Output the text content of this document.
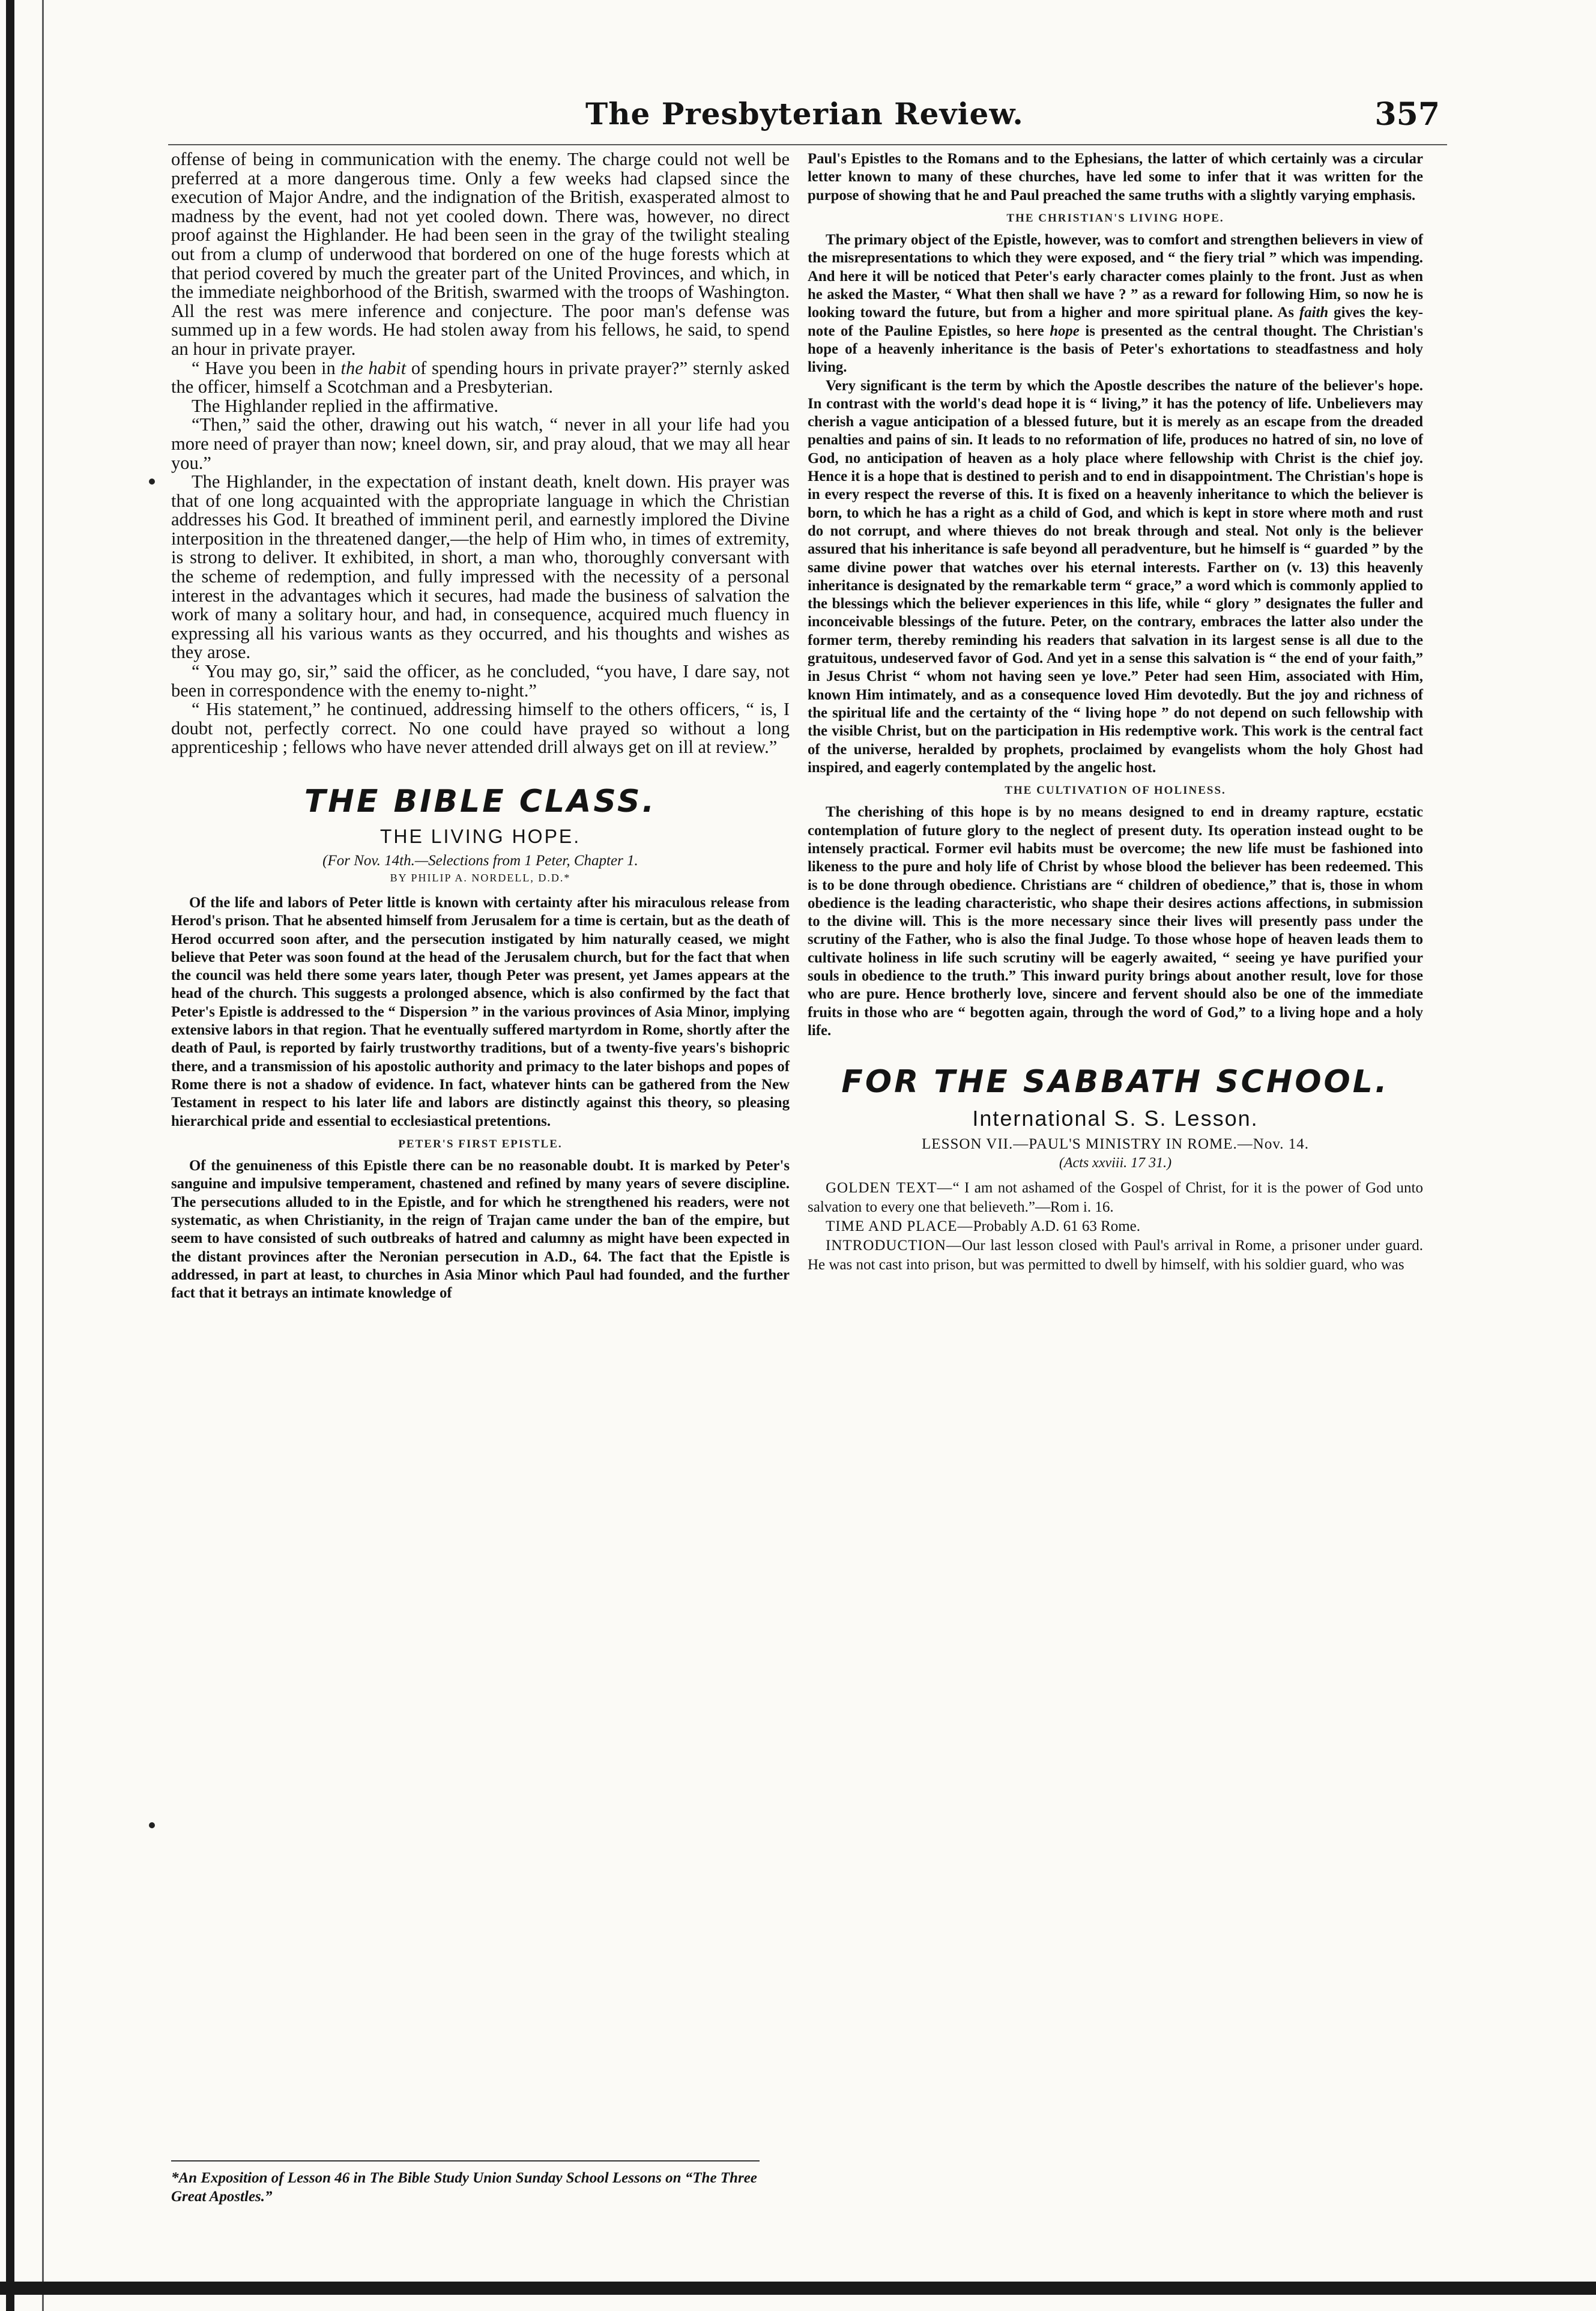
The Presbyterian Review.	357

offense of being in communication with the enemy. The charge could not well be preferred at a more dangerous time. Only a few weeks had clapsed since the execution of Major Andre, and the indignation of the British, exasperated almost to madness by the event, had not yet cooled down. There was, however, no direct proof against the Highlander. He had been seen in the gray of the twilight stealing out from a clump of underwood that bordered on one of the huge forests which at that period covered by much the greater part of the United Provinces, and which, in the immediate neighborhood of the British, swarmed with the troops of Washington. All the rest was mere inference and conjecture. The poor man's defense was summed up in a few words. He had stolen away from his fellows, he said, to spend an hour in private prayer.

“ Have you been in the habit of spending hours in private prayer?” sternly asked the officer, himself a Scotchman and a Presbyterian.

The Highlander replied in the affirmative.

“Then,” said the other, drawing out his watch, “ never in all your life had you more need of prayer than now; kneel down, sir, and pray aloud, that we may all hear you.”

The Highlander, in the expectation of instant death, knelt down. His prayer was that of one long acquainted with the appropriate language in which the Christian addresses his God. It breathed of imminent peril, and earnestly implored the Divine interposition in the threatened danger,—the help of Him who, in times of extremity, is strong to deliver. It exhibited, in short, a man who, thoroughly conversant with the scheme of redemption, and fully impressed with the necessity of a personal interest in the advantages which it secures, had made the business of salvation the work of many a solitary hour, and had, in consequence, acquired much fluency in expressing all his various wants as they occurred, and his thoughts and wishes as they arose.

“ You may go, sir,” said the officer, as he concluded, “you have, I dare say, not been in correspondence with the enemy to-night.”

“ His statement,” he continued, addressing himself to the others officers, “ is, I doubt not, perfectly correct. No one could have prayed so without a long apprenticeship ; fellows who have never attended drill always get on ill at review.”

THE BIBLE CLASS.
THE LIVING HOPE.
(For Nov. 14th.—Selections from 1 Peter, Chapter 1.
BY PHILIP A. NORDELL, D.D.*

Of the life and labors of Peter little is known with certainty after his miraculous release from Herod's prison. That he absented himself from Jerusalem for a time is certain, but as the death of Herod occurred soon after, and the persecution instigated by him naturally ceased, we might believe that Peter was soon found at the head of the Jerusalem church, but for the fact that when the council was held there some years later, though Peter was present, yet James appears at the head of the church. This suggests a prolonged absence, which is also confirmed by the fact that Peter's Epistle is addressed to the “ Dispersion ” in the various provinces of Asia Minor, implying extensive labors in that region. That he eventually suffered martyrdom in Rome, shortly after the death of Paul, is reported by fairly trustworthy traditions, but of a twenty-five years's bishopric there, and a transmission of his apostolic authority and primacy to the later bishops and popes of Rome there is not a shadow of evidence. In fact, whatever hints can be gathered from the New Testament in respect to his later life and labors are distinctly against this theory, so pleasing hierarchical pride and essential to ecclesiastical pretentions.

PETER'S FIRST EPISTLE.

Of the genuineness of this Epistle there can be no reasonable doubt. It is marked by Peter's sanguine and impulsive temperament, chastened and refined by many years of severe discipline. The persecutions alluded to in the Epistle, and for which he strengthened his readers, were not systematic, as when Christianity, in the reign of Trajan came under the ban of the empire, but seem to have consisted of such outbreaks of hatred and calumny as might have been expected in the distant provinces after the Neronian persecution in A.D., 64. The fact that the Epistle is addressed, in part at least, to churches in Asia Minor which Paul had founded, and the further fact that it betrays an intimate knowledge of

*An Exposition of Lesson 46 in The Bible Study Union Sunday School Lessons on “The Three Great Apostles.”

Paul's Epistles to the Romans and to the Ephesians, the latter of which certainly was a circular letter known to many of these churches, have led some to infer that it was written for the purpose of showing that he and Paul preached the same truths with a slightly varying emphasis.

THE CHRISTIAN'S LIVING HOPE.

The primary object of the Epistle, however, was to comfort and strengthen believers in view of the misrepresentations to which they were exposed, and “ the fiery trial ” which was impending. And here it will be noticed that Peter's early character comes plainly to the front. Just as when he asked the Master, “ What then shall we have ? ” as a reward for following Him, so now he is looking toward the future, but from a higher and more spiritual plane. As faith gives the key-note of the Pauline Epistles, so here hope is presented as the central thought. The Christian's hope of a heavenly inheritance is the basis of Peter's exhortations to steadfastness and holy living.

Very significant is the term by which the Apostle describes the nature of the believer's hope. In contrast with the world's dead hope it is “ living,” it has the potency of life. Unbelievers may cherish a vague anticipation of a blessed future, but it is merely as an escape from the dreaded penalties and pains of sin. It leads to no reformation of life, produces no hatred of sin, no love of God, no anticipation of heaven as a holy place where fellowship with Christ is the chief joy. Hence it is a hope that is destined to perish and to end in disappointment. The Christian's hope is in every respect the reverse of this. It is fixed on a heavenly inheritance to which the believer is born, to which he has a right as a child of God, and which is kept in store where moth and rust do not corrupt, and where thieves do not break through and steal. Not only is the believer assured that his inheritance is safe beyond all peradventure, but he himself is “ guarded ” by the same divine power that watches over his eternal interests. Farther on (v. 13) this heavenly inheritance is designated by the remarkable term “ grace,” a word which is commonly applied to the blessings which the believer experiences in this life, while “ glory ” designates the fuller and inconceivable blessings of the future. Peter, on the contrary, embraces the latter also under the former term, thereby reminding his readers that salvation in its largest sense is all due to the gratuitous, undeserved favor of God. And yet in a sense this salvation is “ the end of your faith,” in Jesus Christ “ whom not having seen ye love.” Peter had seen Him, associated with Him, known Him intimately, and as a consequence loved Him devotedly. But the joy and richness of the spiritual life and the certainty of the “ living hope ” do not depend on such fellowship with the visible Christ, but on the participation in His redemptive work. This work is the central fact of the universe, heralded by prophets, proclaimed by evangelists whom the holy Ghost had inspired, and eagerly contemplated by the angelic host.

THE CULTIVATION OF HOLINESS.

The cherishing of this hope is by no means designed to end in dreamy rapture, ecstatic contemplation of future glory to the neglect of present duty. Its operation instead ought to be intensely practical. Former evil habits must be overcome; the new life must be fashioned into likeness to the pure and holy life of Christ by whose blood the believer has been redeemed. This is to be done through obedience. Christians are “ children of obedience,” that is, those in whom obedience is the leading characteristic, who shape their desires actions affections, in submission to the divine will. This is the more necessary since their lives will presently pass under the scrutiny of the Father, who is also the final Judge. To those whose hope of heaven leads them to cultivate holiness in life such scrutiny will be eagerly awaited, “ seeing ye have purified your souls in obedience to the truth.” This inward purity brings about another result, love for those who are pure. Hence brotherly love, sincere and fervent should also be one of the immediate fruits in those who are “ begotten again, through the word of God,” to a living hope and a holy life.

FOR THE SABBATH SCHOOL.
International S. S. Lesson.
LESSON VII.—PAUL'S MINISTRY IN ROME.—Nov. 14.
(Acts xxviii. 17 31.)

GOLDEN TEXT—“ I am not ashamed of the Gospel of Christ, for it is the power of God unto salvation to every one that believeth.”—Rom i. 16.

TIME AND PLACE—Probably A.D. 61 63 Rome.

INTRODUCTION—Our last lesson closed with Paul's arrival in Rome, a prisoner under guard. He was not cast into prison, but was permitted to dwell by himself, with his soldier guard, who was
